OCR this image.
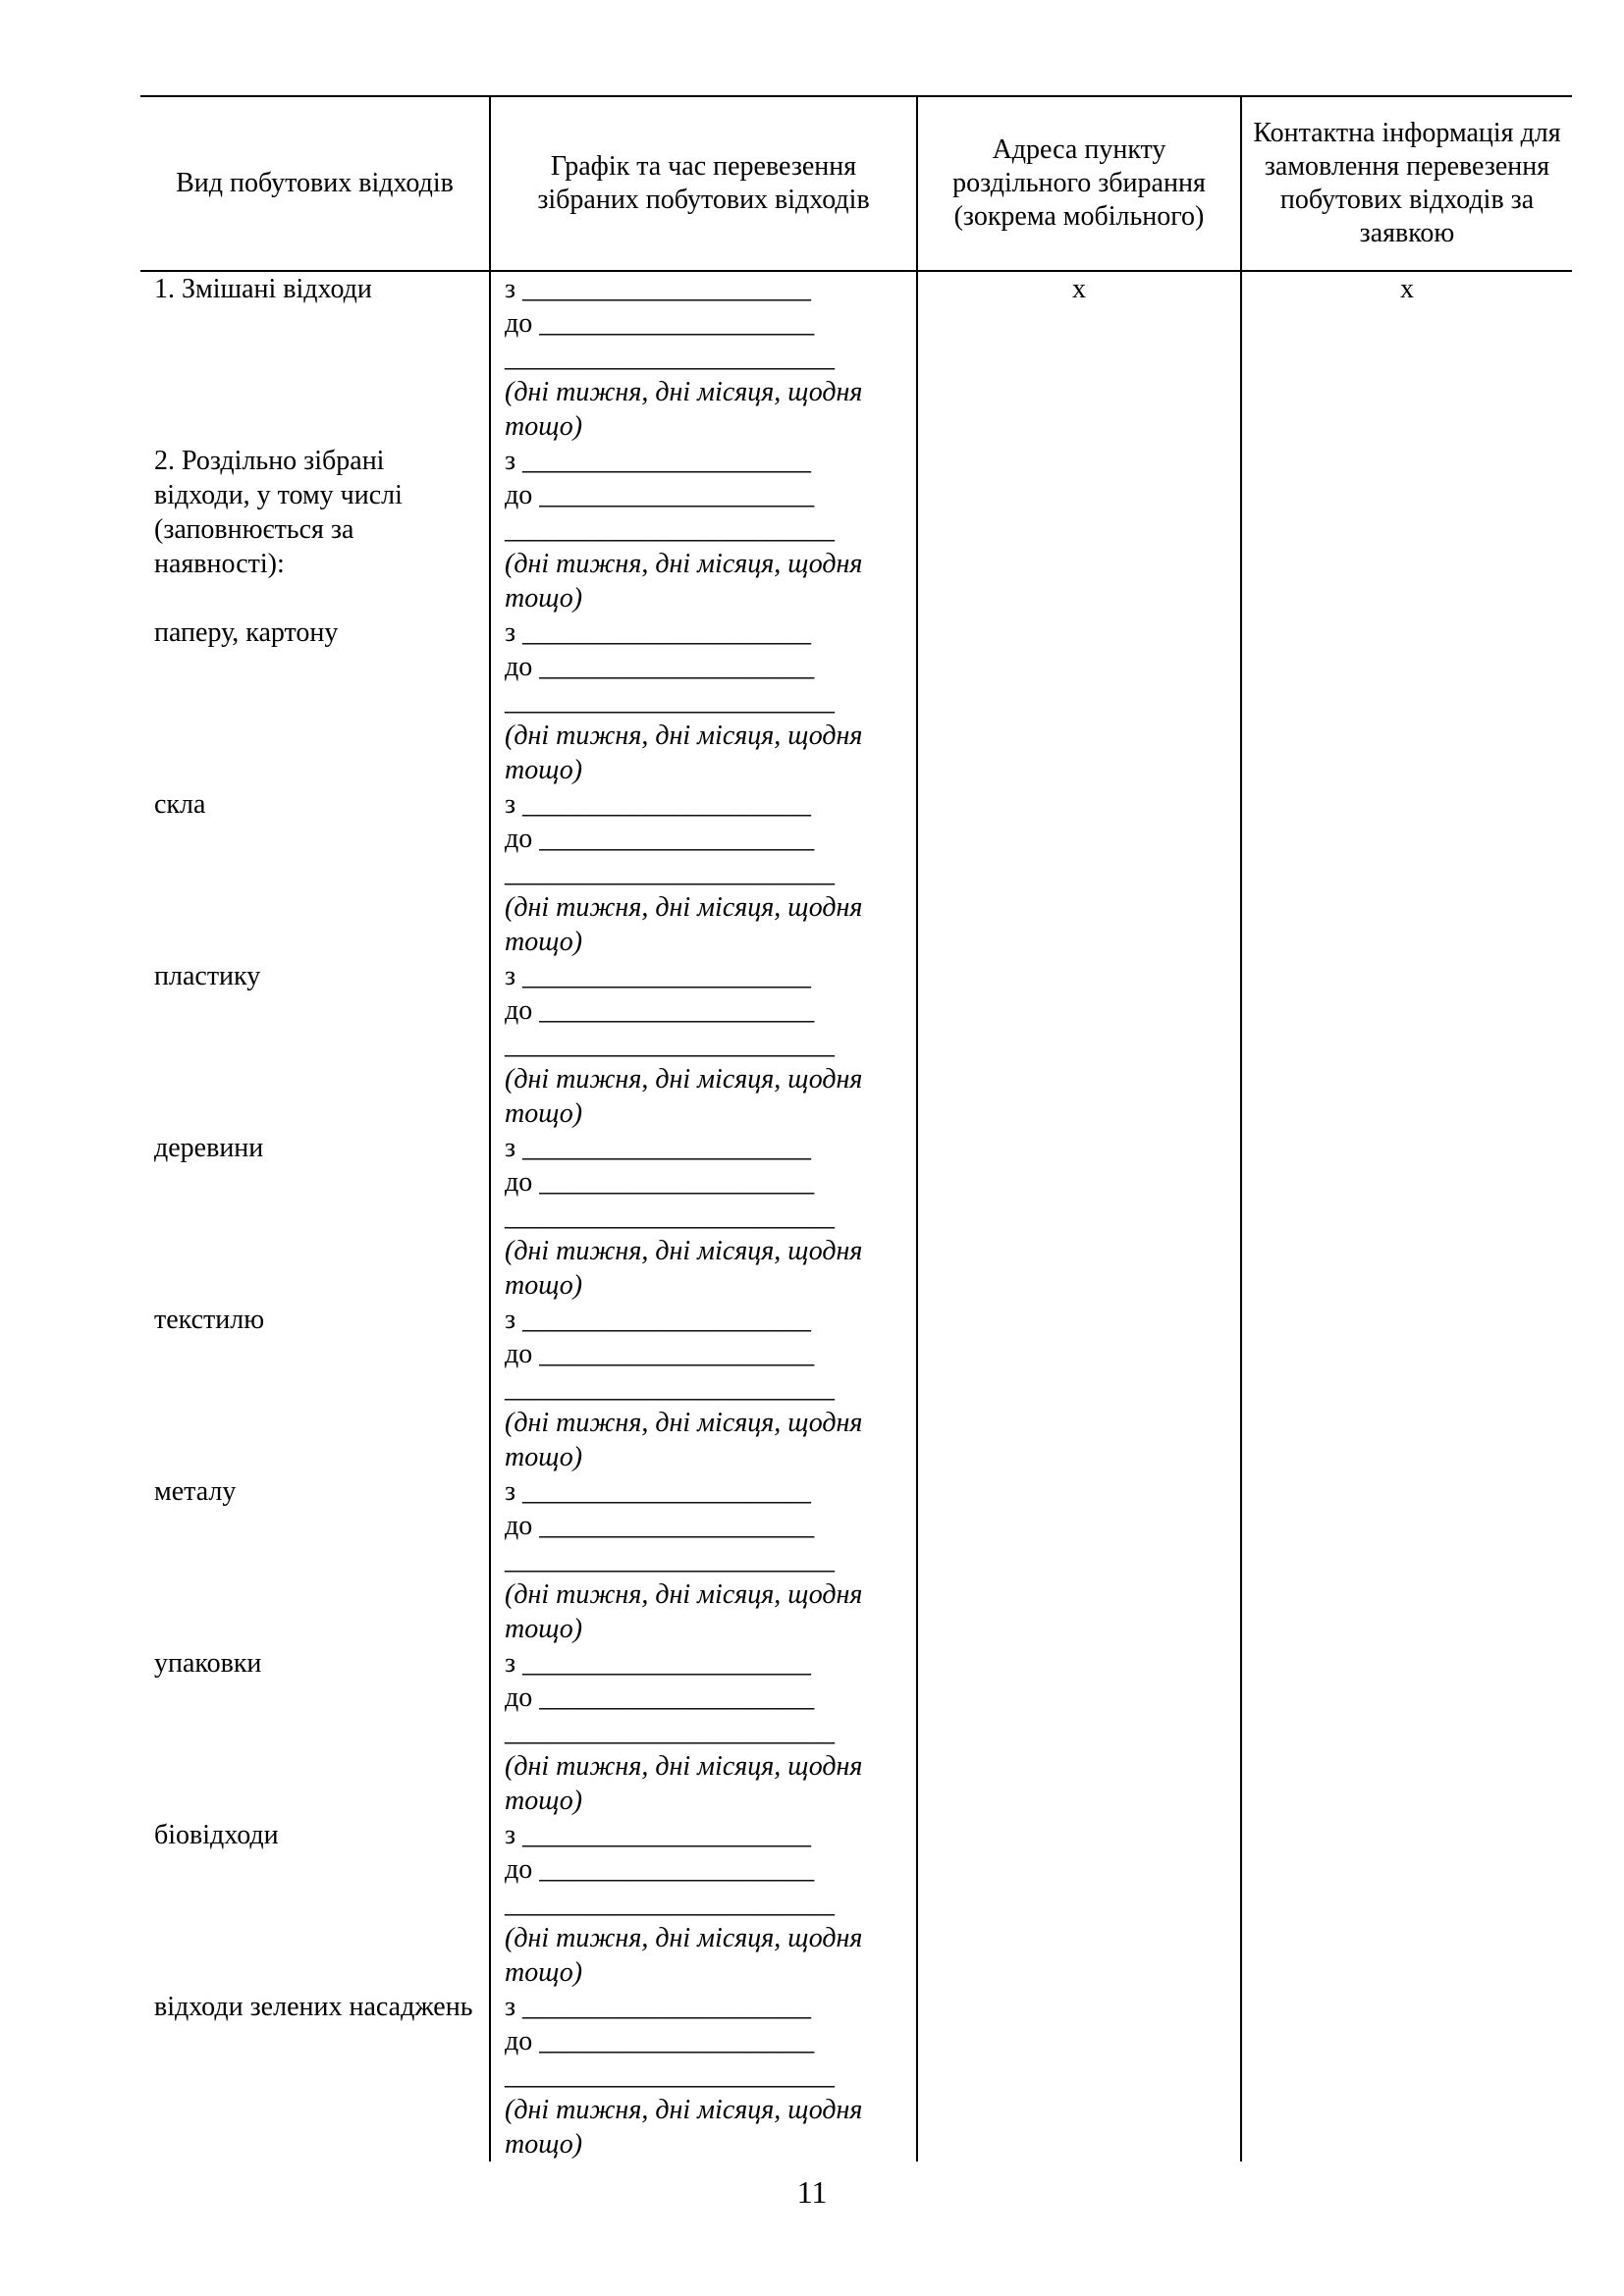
Вид побутових відходів	Графік та час перевезення зібраних побутових відходів	Адреса пункту роздільного збирання (зокрема мобільного)	Контактна інформація для замовлення перевезення побутових відходів за заявкою
1. Змішані відходи	з _____________________
до ____________________
________________________
(дні тижня, дні місяця, щодня
тощо)	х	х
2. Роздільно зібрані відходи, у тому числі (заповнюється за наявності):	з _____________________
до ____________________
________________________
(дні тижня, дні місяця, щодня
тощо)		

паперу, картону	з _____________________
до ____________________
________________________
(дні тижня, дні місяця, щодня
тощо)		

скла	з _____________________
до ____________________
________________________
(дні тижня, дні місяця, щодня
тощо)		

пластику	з _____________________
до ____________________
________________________
(дні тижня, дні місяця, щодня
тощо)		

деревини	з _____________________
до ____________________
________________________
(дні тижня, дні місяця, щодня
тощо)		

текстилю	з _____________________
до ____________________
________________________
(дні тижня, дні місяця, щодня
тощо)		

металу	з _____________________
до ____________________
________________________
(дні тижня, дні місяця, щодня
тощо)		

упаковки	з _____________________
до ____________________
________________________
(дні тижня, дні місяця, щодня
тощо)		

біовідходи	з _____________________
до ____________________
________________________
(дні тижня, дні місяця, щодня
тощо)		

відходи зелених насаджень	з _____________________
до ____________________
________________________
(дні тижня, дні місяця, щодня
тощо)		

11
